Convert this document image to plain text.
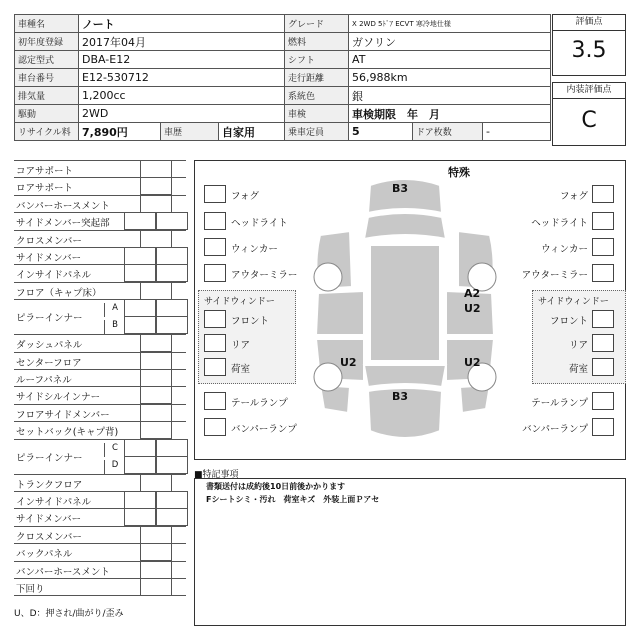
車種名	ノート			グレード	X 2WD 5ﾄﾞｱ ECVT 寒冷地仕様		
初年度登録	2017年04月			燃料	ガソリン		
認定型式	DBA-E12			シフト	AT		
車台番号	E12-530712			走行距離	56,988km		
排気量	1,200cc			系統色	銀		
駆動	2WD			車検	車検期限　年　月		
リサイクル料	7,890円	車歴	自家用	乗車定員	5	ドア枚数	-
評価点
3.5
内装評価点
C
コアサポート
ロアサポート
バンパーホースメント
サイドメンバー突起部
クロスメンバー
サイドメンバー
インサイドパネル
フロア（キャプ床）
ピラーインナー
A
B
ダッシュパネル
センターフロア
ルーフパネル
サイドシルインナー
フロアサイドメンバー
セットバック(キャプ背)
ピラーインナー
C
D
トランクフロア
インサイドパネル
サイドメンバー
クロスメンバー
バックパネル
バンパーホースメント
下回り
U、D：押され/曲がり/歪み
特殊
B3
A2
U2
U2	U2
B3
フォグ
ヘッドライト
ウィンカー
アウターミラー
フォグ
ヘッドライト
ウィンカー
アウターミラー
サイドウィンドー	サイドウィンドー
フロント	フロント
リア	リア
荷室	荷室
テールランプ	テールランプ
バンパーランプ	バンパーランプ
■特記事項
書類送付は成約後10日前後かかります
Fシートシミ・汚れ　荷室キズ　外装上面Ｐアセ
